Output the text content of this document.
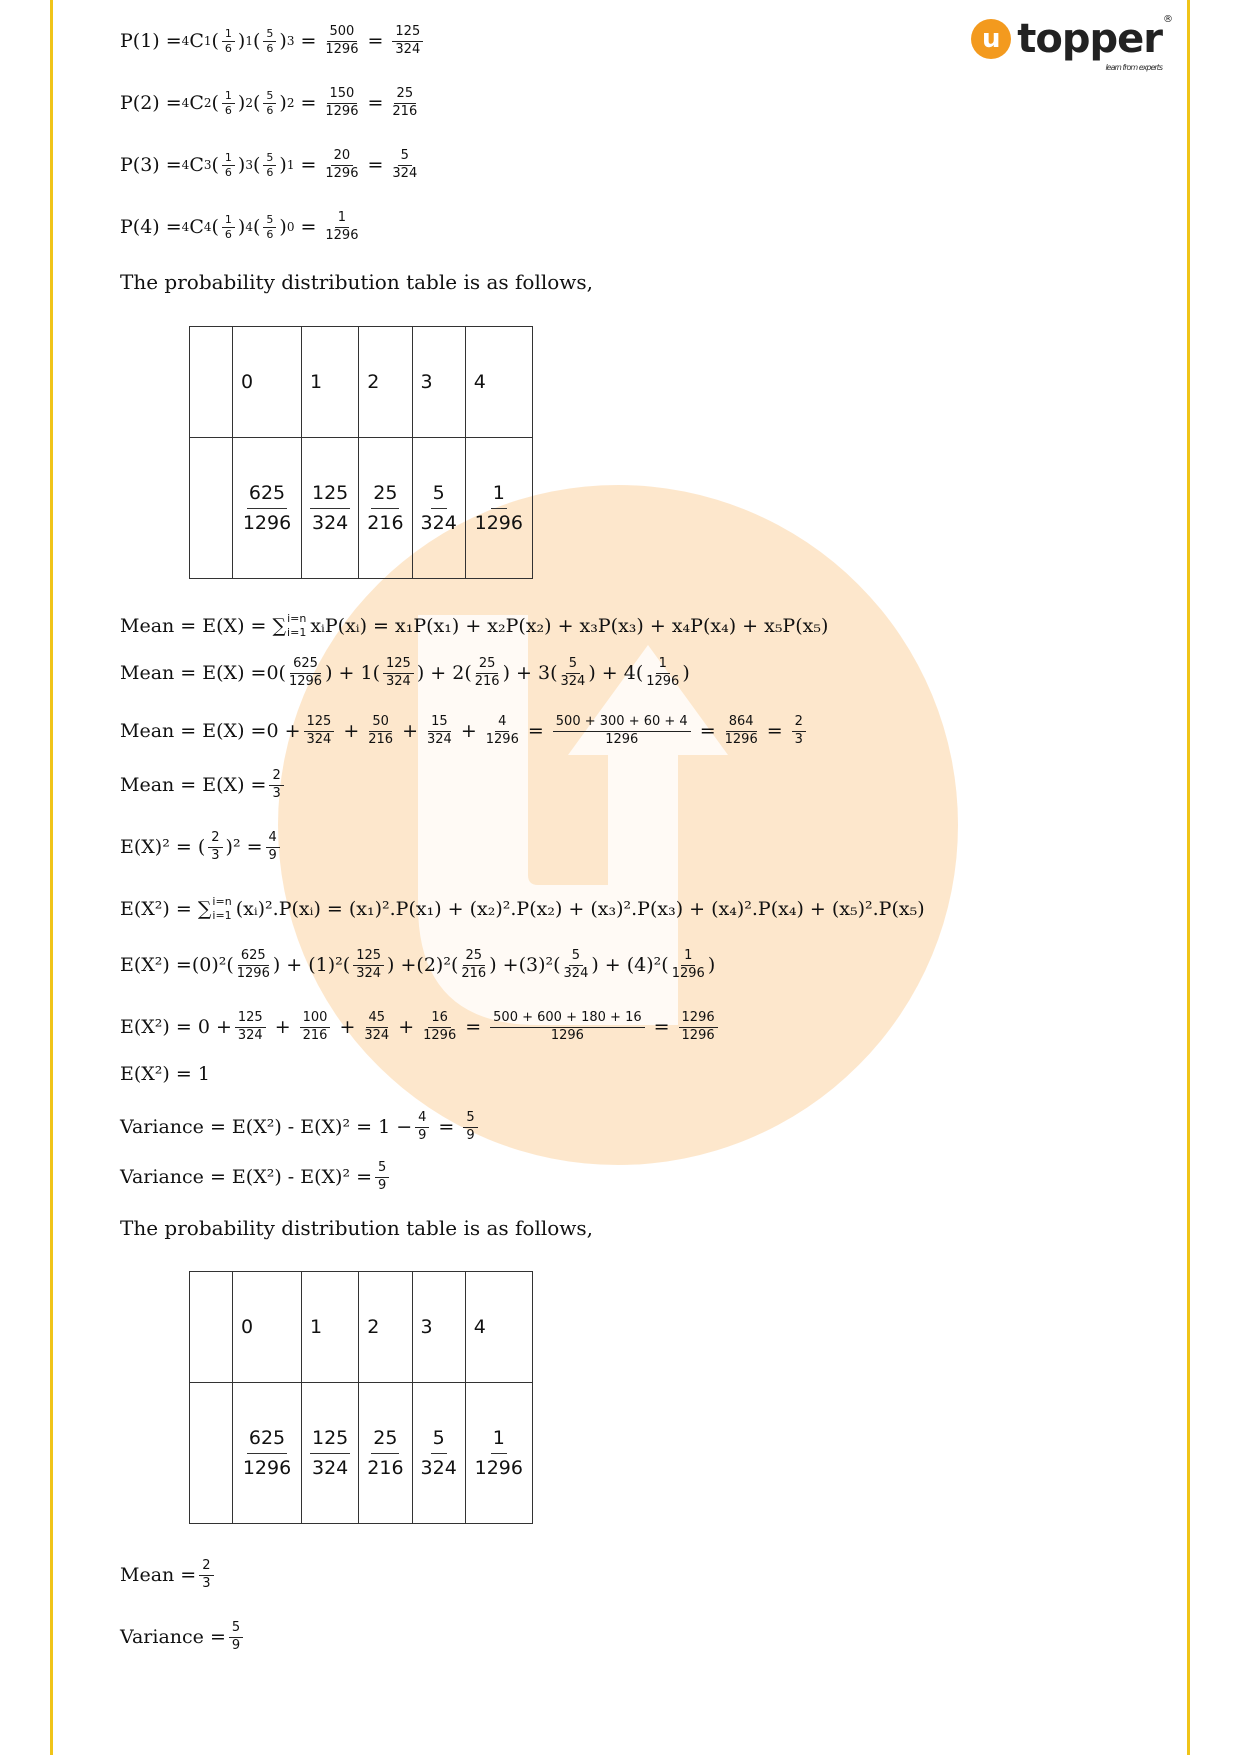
u topper ®
learn from experts
P(1) = 4 C 1 ( $\frac{1}{6}$ ) 1 ( $\frac{5}{6}$ ) $3 = \frac{500}{1296} = \frac{125}{324}$
P(2) = 4 C 2 ( $\frac{1}{6}$ ) 2 ( $\frac{5}{6}$ ) $2 = \frac{150}{1296} = \frac{25}{216}$
P(3) = 4 C 3 ( $\frac{1}{6}$ ) 3 ( $\frac{5}{6}$ ) $1 = \frac{20}{1296} = \frac{5}{324}$
P(4) = 4 C 4 ( $\frac{1}{6}$ ) 4 ( $\frac{5}{6}$ ) $0 = \frac{1}{1296}$
The probability distribution table is as follows,
	0	1	2	3	4

	$\frac{625}{1296}$	$\frac{125}{324}$	$\frac{25}{216}$	$\frac{5}{324}$	$\frac{1}{1296}$
Mean = E(X) = ∑ i=n
i=1 xᵢP(xᵢ) = x₁P(x₁) + x₂P(x₂) + x₃P(x₃) + x₄P(x₄) + x₅P(x₅)
Mean = $E(X) = 0( \frac{625}{1296}$ ) + $1( \frac{125}{324}$ ) + $2( \frac{25}{216}$ ) + $3( \frac{5}{324}$ ) + $4( \frac{1}{1296}$ )
Mean = $E(X) = 0 + \frac{125}{324} + \frac{50}{216} + \frac{15}{324} + \frac{4}{1296} = \frac{500 + 300 + 60 + 4}{1296} = \frac{864}{1296} = \frac{2}{3}$
Mean = $E(X) = \frac{2}{3}$
E(X)² = ( $\frac{2}{3} )^2 = \frac{4}{9}$
E(X²) = ∑ i=n
i=1 (xᵢ)².P(xᵢ) = (x₁)².P(x₁) + (x₂)².P(x₂) + (x₃)².P(x₃) + (x₄)².P(x₄) + (x₅)².P(x₅)
$E(X^2) = (0)^2( \frac{625}{1296}$ ) + $(1)^2( \frac{125}{324}$ ) $+(2)^2( \frac{25}{216}$ ) $+(3)^2( \frac{5}{324}$ ) + $(4)^2( \frac{1}{1296}$ )
$E(X^2) = 0 + \frac{125}{324} + \frac{100}{216} + \frac{45}{324} + \frac{16}{1296} = \frac{500 + 600 + 180 + 16}{1296} = \frac{1296}{1296}$
E(X²) = 1
Variance = $E(X^2) - E(X)^2 = 1 - \frac{4}{9} = \frac{5}{9}$
Variance = $E(X^2) - E(X)^2 = \frac{5}{9}$
The probability distribution table is as follows,
	0	1	2	3	4

	$\frac{625}{1296}$	$\frac{125}{324}$	$\frac{25}{216}$	$\frac{5}{324}$	$\frac{1}{1296}$
Mean = $\frac{2}{3}$
Variance = $\frac{5}{9}$
